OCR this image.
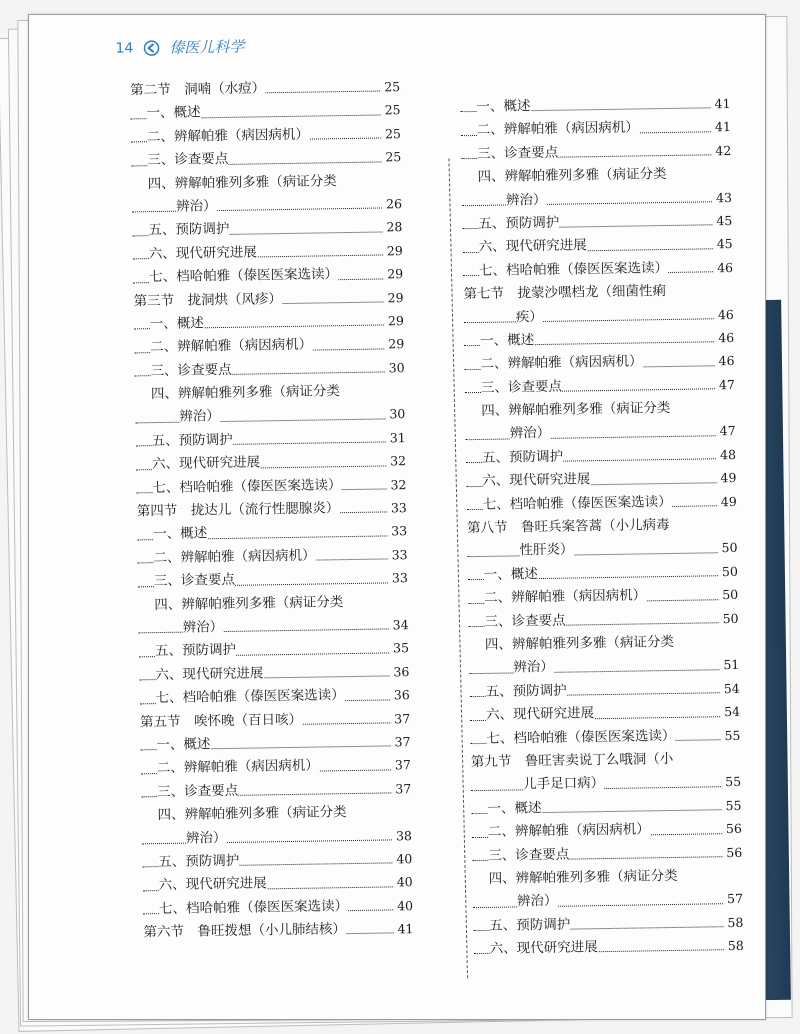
14 傣医儿科学
第二节　洞喃（水痘）	25
一、概述	25
二、辨解帕雅（病因病机）	25
三、诊查要点	25
四、辨解帕雅列多雅（病证分类
辨治）	26
五、预防调护	28
六、现代研究进展	29
七、档哈帕雅（傣医医案选读）	29
第三节　拢洞烘（风疹）	29
一、概述	29
二、辨解帕雅（病因病机）	29
三、诊查要点	30
四、辨解帕雅列多雅（病证分类
辨治）	30
五、预防调护	31
六、现代研究进展	32
七、档哈帕雅（傣医医案选读）	32
第四节　拢达儿（流行性腮腺炎）	33
一、概述	33
二、辨解帕雅（病因病机）	33
三、诊查要点	33
四、辨解帕雅列多雅（病证分类
辨治）	34
五、预防调护	35
六、现代研究进展	36
七、档哈帕雅（傣医医案选读）	36
第五节　唉怀晚（百日咳）	37
一、概述	37
二、辨解帕雅（病因病机）	37
三、诊查要点	37
四、辨解帕雅列多雅（病证分类
辨治）	38
五、预防调护	40
六、现代研究进展	40
七、档哈帕雅（傣医医案选读）	40
第六节　鲁旺拨想（小儿肺结核）	41
一、概述	41
二、辨解帕雅（病因病机）	41
三、诊查要点	42
四、辨解帕雅列多雅（病证分类
辨治）	43
五、预防调护	45
六、现代研究进展	45
七、档哈帕雅（傣医医案选读）	46
第七节　拢蒙沙嘿档龙（细菌性痢
疾）	46
一、概述	46
二、辨解帕雅（病因病机）	46
三、诊查要点	47
四、辨解帕雅列多雅（病证分类
辨治）	47
五、预防调护	48
六、现代研究进展	49
七、档哈帕雅（傣医医案选读）	49
第八节　鲁旺兵案答蒿（小儿病毒
性肝炎）	50
一、概述	50
二、辨解帕雅（病因病机）	50
三、诊查要点	50
四、辨解帕雅列多雅（病证分类
辨治）	51
五、预防调护	54
六、现代研究进展	54
七、档哈帕雅（傣医医案选读）	55
第九节　鲁旺害卖说丁么哦洞（小
儿手足口病）	55
一、概述	55
二、辨解帕雅（病因病机）	56
三、诊查要点	56
四、辨解帕雅列多雅（病证分类
辨治）	57
五、预防调护	58
六、现代研究进展	58
